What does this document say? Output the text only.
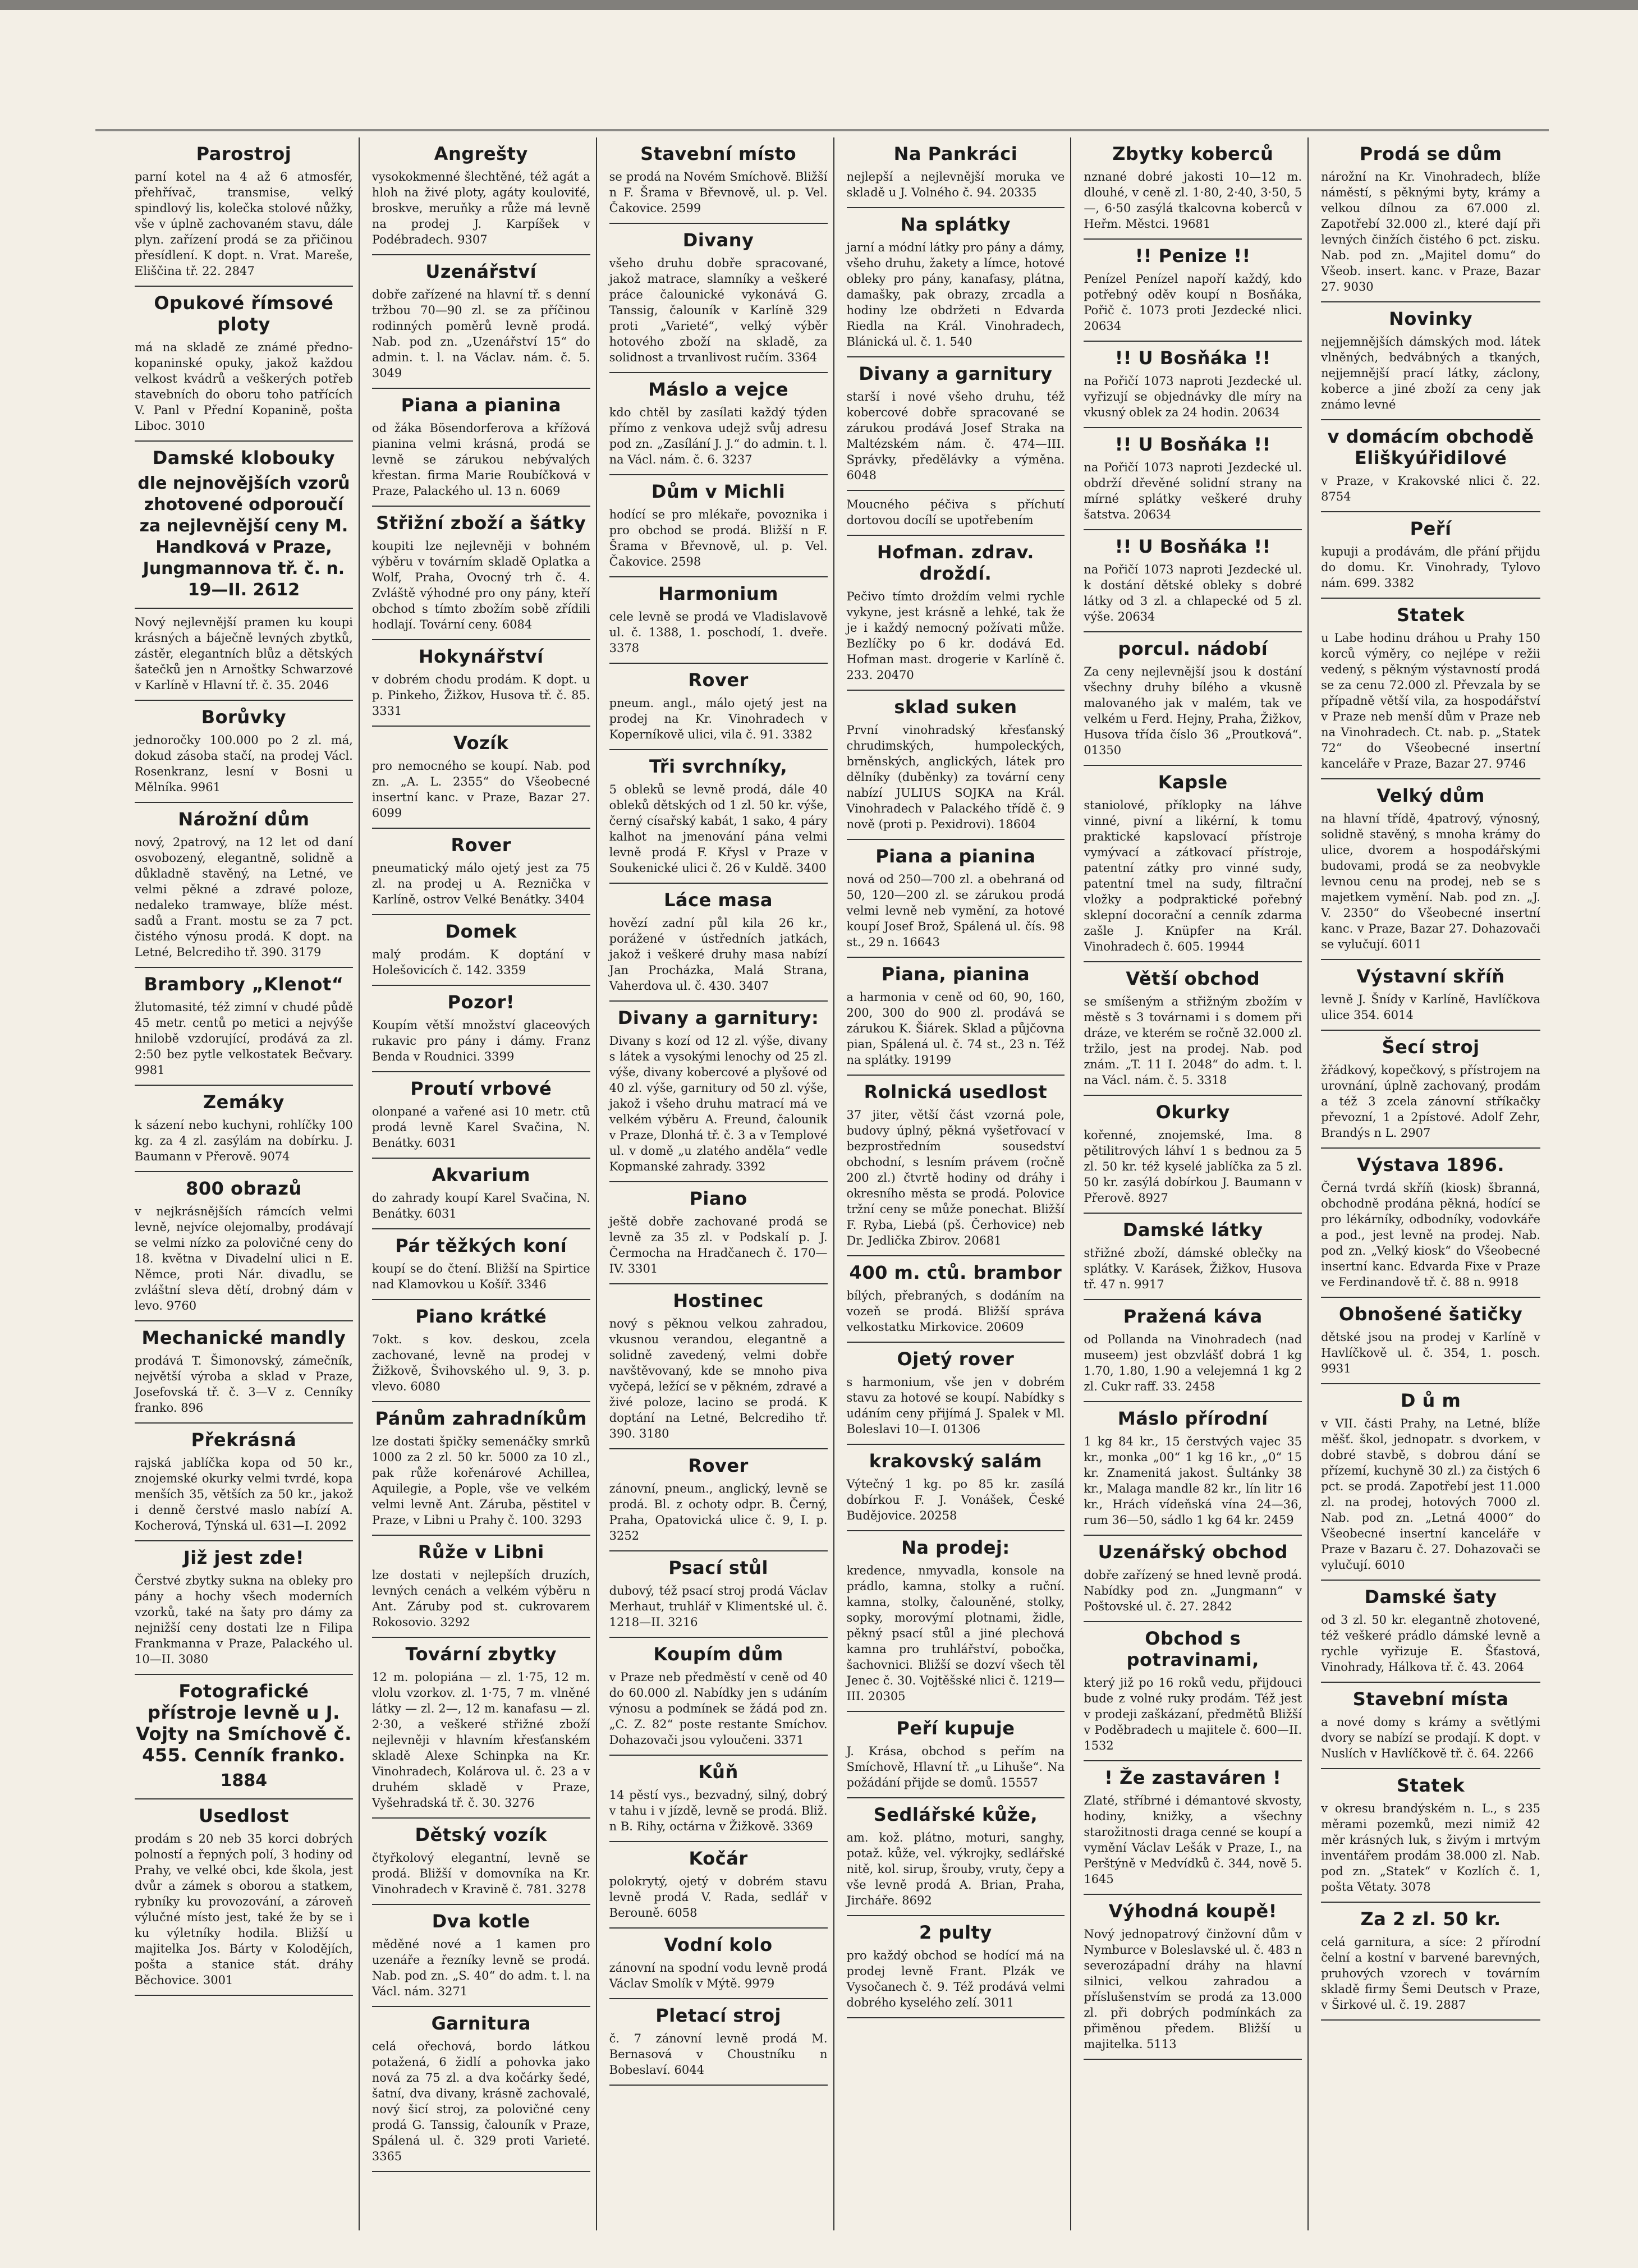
Parostroj

parní kotel na 4 až 6 atmosfér, přehřívač, transmise, velký spindlový lis, kolečka stolové nůžky, vše v úplně zachovaném stavu, dále plyn. zařízení prodá se za přičinou přesídlení. K dopt. n. Vrat. Mareše, Eliščina tř. 22. 2847

Opukové římsové ploty

má na skladě ze známé předno-kopaninské opuky, jakož každou velkost kvádrů a veškerých potřeb stavebních do oboru toho patřících V. Panl v Přední Kopanině, pošta Liboc. 3010

Damské klobouky

dle nejnovějších vzorů zhotovené odporoučí za nejlevnější ceny M. Handková v Praze, Jungmannova tř. č. n. 19—II. 2612

Nový nejlevnější pramen ku koupi krásných a báječně levných zbytků, zástěr, elegantních blůz a dětských šatečků jen n Arnoštky Schwarzové v Karlíně v Hlavní tř. č. 35. 2046

Borůvky

jednoročky 100.000 po 2 zl. má, dokud zásoba stačí, na prodej Václ. Rosenkranz, lesní v Bosni u Mělníka. 9961

Nárožní dům

nový, 2patrový, na 12 let od daní osvobozený, elegantně, solidně a důkladně stavěný, na Letné, ve velmi pěkné a zdravé poloze, nedaleko tramwaye, blíže mést. sadů a Frant. mostu se za 7 pct. čistého výnosu prodá. K dopt. na Letné, Belcrediho tř. 390. 3179

Brambory „Klenot“

žlutomasité, též zimní v chudé půdě 45 metr. centů po metici a nejvýše hnilobě vzdorující, prodává za zl. 2:50 bez pytle velkostatek Bečvary. 9981

Zemáky

k sázení nebo kuchyni, rohlíčky 100 kg. za 4 zl. zasýlám na dobírku. J. Baumann v Přerově. 9074

800 obrazů

v nejkrásnějších rámcích velmi levně, nejvíce olejomalby, prodávají se velmi nízko za polovičné ceny do 18. května v Divadelní ulici n E. Němce, proti Nár. divadlu, se zvláštní sleva dětí, drobný dám v levo. 9760

Mechanické mandly

prodává T. Šimonovský, zámečník, největší výroba a sklad v Praze, Josefovská tř. č. 3—V z. Cenníky franko. 896

Překrásná

rajská jablíčka kopa od 50 kr., znojemské okurky velmi tvrdé, kopa menších 35, větších za 50 kr., jakož i denně čerstvé maslo nabízí A. Kocherová, Týnská ul. 631—I. 2092

Již jest zde!

Čerstvé zbytky sukna na obleky pro pány a hochy všech moderních vzorků, také na šaty pro dámy za nejnižší ceny dostati lze n Filipa Frankmanna v Praze, Palackého ul. 10—II. 3080

Fotografické přístroje levně u J. Vojty na Smíchově č. 455. Cenník franko.

1884

Usedlost

prodám s 20 neb 35 korci dobrých polností a řepných polí, 3 hodiny od Prahy, ve velké obci, kde škola, jest dvůr a zámek s oborou a statkem, rybníky ku provozování, a zároveň výlučné místo jest, také že by se i ku výletníky hodila. Bližší u majitelka Jos. Bárty v Kolodějích, pošta a stanice stát. dráhy Běchovice. 3001

Angrešty

vysokokmenné šlechtěné, též agát a hloh na živé ploty, agáty kouloviťé, broskve, meruňky a růže má levně na prodej J. Karpíšek v Podébradech. 9307

Uzenářství

dobře zařízené na hlavní tř. s denní tržbou 70—90 zl. se za příčinou rodinných poměrů levně prodá. Nab. pod zn. „Uzenářství 15“ do admin. t. l. na Václav. nám. č. 5. 3049

Piana a pianina

od žáka Bösendorferova a křížová pianina velmi krásná, prodá se levně se zárukou nebývalých křestan. firma Marie Roubíčková v Praze, Palackého ul. 13 n. 6069

Střižní zboží a šátky

koupiti lze nejlevněji v bohném výběru v továrním skladě Oplatka a Wolf, Praha, Ovocný trh č. 4. Zvláště výhodné pro ony pány, kteří obchod s tímto zbožím sobě zřídili hodlají. Tovární ceny. 6084

Hokynářství

v dobrém chodu prodám. K dopt. u p. Pinkeho, Žižkov, Husova tř. č. 85. 3331

Vozík

pro nemocného se koupí. Nab. pod zn. „A. L. 2355“ do Všeobecné insertní kanc. v Praze, Bazar 27. 6099

Rover

pneumatický málo ojetý jest za 75 zl. na prodej u A. Reznička v Karlíně, ostrov Velké Benátky. 3404

Domek

malý prodám. K doptání v Holešovicích č. 142. 3359

Pozor!

Koupím větší množství glaceových rukavic pro pány i dámy. Franz Benda v Roudnici. 3399

Proutí vrbové

olonpané a vařené asi 10 metr. ctů prodá levně Karel Svačina, N. Benátky. 6031

Akvarium

do zahrady koupí Karel Svačina, N. Benátky. 6031

Pár těžkých koní

koupí se do čtení. Bližší na Spirtice nad Klamovkou u Košíř. 3346

Piano krátké

7okt. s kov. deskou, zcela zachované, levně na prodej v Žižkově, Švihovského ul. 9, 3. p. vlevo. 6080

Pánům zahradníkům

lze dostati špičky semenáčky smrků 1000 za 2 zl. 50 kr. 5000 za 10 zl., pak růže kořenárové Achillea, Aquilegie, a Pople, vše ve velkém velmi levně Ant. Záruba, pěstitel v Praze, v Libni u Prahy č. 100. 3293

Růže v Libni

lze dostati v nejlepších druzích, levných cenách a velkém výběru n Ant. Záruby pod st. cukrovarem Rokosovio. 3292

Tovární zbytky

12 m. polopiána — zl. 1·75, 12 m. vlolu vzorkov. zl. 1·75, 7 m. vlněné látky — zl. 2—, 12 m. kanafasu — zl. 2·30, a veškeré střižné zboží nejlevněji v hlavním křesťanském skladě Alexe Schinpka na Kr. Vinohradech, Kolárova ul. č. 23 a v druhém skladě v Praze, Vyšehradská tř. č. 30. 3276

Dětský vozík

čtyřkolový elegantní, levně se prodá. Bližší v domovníka na Kr. Vinohradech v Kravině č. 781. 3278

Dva kotle

měděné nové a 1 kamen pro uzenáře a řezníky levně se prodá. Nab. pod zn. „S. 40“ do adm. t. l. na Václ. nám. 3271

Garnitura

celá ořechová, bordo látkou potažená, 6 židlí a pohovka jako nová za 75 zl. a dva kočárky šedé, šatní, dva divany, krásně zachovalé, nový šicí stroj, za polovičné ceny prodá G. Tanssig, čalouník v Praze, Spálená ul. č. 329 proti Varieté. 3365

Stavební místo

se prodá na Novém Smíchově. Bližší n F. Šrama v Břevnově, ul. p. Vel. Čakovice. 2599

Divany

všeho druhu dobře spracované, jakož matrace, slamníky a veškeré práce čalounické vykonává G. Tanssig, čalouník v Karlíně 329 proti „Varieté“, velký výběr hotového zboží na skladě, za solidnost a trvanlivost ručím. 3364

Máslo a vejce

kdo chtěl by zasílati každý týden přímo z venkova udejž svůj adresu pod zn. „Zasílání J. J.“ do admin. t. l. na Václ. nám. č. 6. 3237

Dům v Michli

hodící se pro mlékaře, povoznika i pro obchod se prodá. Bližší n F. Šrama v Břevnově, ul. p. Vel. Čakovice. 2598

Harmonium

cele levně se prodá ve Vladislavově ul. č. 1388, 1. poschodí, 1. dveře. 3378

Rover

pneum. angl., málo ojetý jest na prodej na Kr. Vinohradech v Koperníkově ulici, vila č. 91. 3382

Tři svrchníky,

5 obleků se levně prodá, dále 40 obleků dětských od 1 zl. 50 kr. výše, černý císařský kabát, 1 sako, 4 páry kalhot na jmenování pána velmi levně prodá F. Křysl v Praze v Soukenické ulici č. 26 v Kuldě. 3400

Láce masa

hovězí zadní půl kila 26 kr., porážené v ústředních jatkách, jakož i veškeré druhy masa nabízí Jan Procházka, Malá Strana, Vaherdova ul. č. 430. 3407

Divany a garnitury:

Divany s kozí od 12 zl. výše, divany s látek a vysokými lenochy od 25 zl. výše, divany kobercové a plyšové od 40 zl. výše, garnitury od 50 zl. výše, jakož i všeho druhu matrací má ve velkém výběru A. Freund, čalounik v Praze, Dlonhá tř. č. 3 a v Templové ul. v domě „u zlatého anděla“ vedle Kopmanské zahrady. 3392

Piano

ještě dobře zachované prodá se levně za 35 zl. v Podskalí p. J. Čermocha na Hradčanech č. 170—IV. 3301

Hostinec

nový s pěknou velkou zahradou, vkusnou verandou, elegantně a solidně zavedený, velmi dobře navštěvovaný, kde se mnoho piva vyčepá, ležící se v pěkném, zdravé a živé poloze, lacino se prodá. K doptání na Letné, Belcrediho tř. 390. 3180

Rover

zánovní, pneum., anglický, levně se prodá. Bl. z ochoty odpr. B. Černý, Praha, Opatovická ulice č. 9, I. p. 3252

Psací stůl

dubový, též psací stroj prodá Václav Merhaut, truhlář v Klimentské ul. č. 1218—II. 3216

Koupím dům

v Praze neb předměstí v ceně od 40 do 60.000 zl. Nabídky jen s udáním výnosu a podmínek se žádá pod zn. „C. Z. 82“ poste restante Smíchov. Dohazovači jsou vyloučeni. 3371

Kůň

14 pěstí vys., bezvadný, silný, dobrý v tahu i v jízdě, levně se prodá. Bliž. n B. Rihy, octárna v Žižkově. 3369

Kočár

polokrytý, ojetý v dobrém stavu levně prodá V. Rada, sedlář v Berouně. 6058

Vodní kolo

zánovní na spodní vodu levně prodá Václav Smolík v Mýtě. 9979

Pletací stroj

č. 7 zánovní levně prodá M. Bernasová v Choustníku n Bobeslaví. 6044

Na Pankráci

nejlepší a nejlevnější moruka ve skladě u J. Volného č. 94. 20335

Na splátky

jarní a módní látky pro pány a dámy, všeho druhu, žakety a límce, hotové obleky pro pány, kanafasy, plátna, damašky, pak obrazy, zrcadla a hodiny lze obdržeti n Edvarda Riedla na Král. Vinohradech, Blánická ul. č. 1. 540

Divany a garnitury

starší i nové všeho druhu, též kobercové dobře spracované se zárukou prodává Josef Straka na Maltézském nám. č. 474—III. Správky, předělávky a výměna. 6048

Moucného péčiva s příchutí dortovou docílí se upotřebením

Hofman. zdrav. droždí.

Pečivo tímto droždím velmi rychle vykyne, jest krásně a lehké, tak že je i každý nemocný požívati může. Bezlíčky po 6 kr. dodává Ed. Hofman mast. drogerie v Karlíně č. 233. 20470

sklad suken

První vinohradský křesťanský chrudimských, humpoleckých, brněnských, anglických, látek pro dělníky (duběnky) za tovární ceny nabízí JULIUS SOJKA na Král. Vinohradech v Palackého třídě č. 9 nově (proti p. Pexidrovi). 18604

Piana a pianina

nová od 250—700 zl. a obehraná od 50, 120—200 zl. se zárukou prodá velmi levně neb vymění, za hotové koupí Josef Brož, Spálená ul. čís. 98 st., 29 n. 16643

Piana, pianina

a harmonia v ceně od 60, 90, 160, 200, 300 do 900 zl. prodává se zárukou K. Šiárek. Sklad a půjčovna pian, Spálená ul. č. 74 st., 23 n. Též na splátky. 19199

Rolnická usedlost

37 jiter, větší část vzorná pole, budovy úplný, pěkná vyšetřovací v bezprostředním sousedství obchodní, s lesním právem (ročně 200 zl.) čtvrtě hodiny od dráhy i okresního města se prodá. Polovice tržní ceny se může ponechat. Bližší F. Ryba, Liebá (pš. Čerhovice) neb Dr. Jedlička Zbirov. 20681

400 m. ctů. brambor

bílých, přebraných, s dodáním na vozeň se prodá. Bližší správa velkostatku Mirkovice. 20609

Ojetý rover

s harmonium, vše jen v dobrém stavu za hotové se koupí. Nabídky s udáním ceny přijímá J. Spalek v Ml. Boleslavi 10—I. 01306

krakovský salám

Výtečný 1 kg. po 85 kr. zasílá dobírkou F. J. Vonášek, České Budějovice. 20258

Na prodej:

kredence, nmyvadla, konsole na prádlo, kamna, stolky a ruční. kamna, stolky, čalouněné, stolky, sopky, morovýmí plotnami, židle, pěkný psací stůl a jiné plechová kamna pro truhlářství, pobočka, šachovnici. Bližší se dozví všech těl Jenec č. 30. Vojtěšské nlici č. 1219—III. 20305

Peří kupuje

J. Krása, obchod s peřím na Smíchově, Hlavní tř. „u Lihuše“. Na požádání přijde se domů. 15557

Sedlářské kůže,

am. kož. plátno, moturi, sanghy, potaž. kůže, vel. výkrojky, sedlářské nitě, kol. sirup, šrouby, vruty, čepy a vše levně prodá A. Brian, Praha, Jircháře. 8692

2 pulty

pro každý obchod se hodící má na prodej levně Frant. Plzák ve Vysočanech č. 9. Též prodává velmi dobrého kyselého zelí. 3011

Zbytky koberců

nznané dobré jakosti 10—12 m. dlouhé, v ceně zl. 1·80, 2·40, 3·50, 5—, 6·50 zasýlá tkalcovna koberců v Heřm. Městci. 19681

!! Penize !!

Penízel Penízel napoří každý, kdo potřebný oděv koupí n Bosňáka, Pořič č. 1073 proti Jezdecké nlici. 20634

!! U Bosňáka !!

na Pořičí 1073 naproti Jezdecké ul. vyřizují se objednávky dle míry na vkusný oblek za 24 hodin. 20634

!! U Bosňáka !!

na Pořičí 1073 naproti Jezdecké ul. obdrží dřevěné solidní strany na mírné splátky veškeré druhy šatstva. 20634

!! U Bosňáka !!

na Pořičí 1073 naproti Jezdecké ul. k dostání dětské obleky s dobré látky od 3 zl. a chlapecké od 5 zl. výše. 20634

porcul. nádobí

Za ceny nejlevnější jsou k dostání všechny druhy bílého a vkusně malovaného jak v malém, tak ve velkém u Ferd. Hejny, Praha, Žižkov, Husova třída číslo 36 „Proutková“. 01350

Kapsle

staniolové, příklopky na láhve vinné, pivní a likérní, k tomu praktické kapslovací přístroje vymývací a zátkovací přístroje, patentní zátky pro vinné sudy, patentní tmel na sudy, filtrační vložky a podpraktické pořebný sklepní docorační a cenník zdarma zašle J. Knüpfer na Král. Vinohradech č. 605. 19944

Větší obchod

se smíšeným a střižným zbožím v městě s 3 továrnami i s domem při dráze, ve kterém se ročně 32.000 zl. tržilo, jest na prodej. Nab. pod znám. „T. 11 I. 2048“ do adm. t. l. na Václ. nám. č. 5. 3318

Okurky

kořenné, znojemské, Ima. 8 pětilitrových láhví 1 s bednou za 5 zl. 50 kr. též kyselé jablíčka za 5 zl. 50 kr. zasýlá dobírkou J. Baumann v Přerově. 8927

Damské látky

střižné zboží, dámské oblečky na splátky. V. Karásek, Žižkov, Husova tř. 47 n. 9917

Pražená káva

od Pollanda na Vinohradech (nad museem) jest obzvlášť dobrá 1 kg 1.70, 1.80, 1.90 a velejemná 1 kg 2 zl. Cukr raff. 33. 2458

Máslo přírodní

1 kg 84 kr., 15 čerstvých vajec 35 kr., monka „00“ 1 kg 16 kr., „0“ 15 kr. Znamenitá jakost. Šultánky 38 kr., Malaga mandle 82 kr., lín litr 16 kr., Hrách vídeňská vína 24—36, rum 36—50, sádlo 1 kg 64 kr. 2459

Uzenářský obchod

dobře zařízený se hned levně prodá. Nabídky pod zn. „Jungmann“ v Poštovské ul. č. 27. 2842

Obchod s potravinami,

který již po 16 roků vedu, přijdouci bude z volné ruky prodám. Též jest v prodeji zaškázaní, předmětů Bližší v Poděbradech u majitele č. 600—II. 1532

! Že zastaváren !

Zlaté, stříbrné i démantové skvosty, hodiny, knižky, a všechny starožitnosti draga cenné se koupí a vymění Václav Lešák v Praze, I., na Perštýně v Medvídků č. 344, nově 5. 1645

Výhodná koupě!

Nový jednopatrový činžovní dům v Nymburce v Boleslavské ul. č. 483 n severozápadní dráhy na hlavní silnici, velkou zahradou a příslušenstvím se prodá za 13.000 zl. při dobrých podmínkách za přiměnou předem. Bližší u majitelka. 5113

Prodá se dům

nárožní na Kr. Vinohradech, blíže náměstí, s pěknými byty, krámy a velkou dílnou za 67.000 zl. Zapotřebí 32.000 zl., které dají při levných činžích čistého 6 pct. zisku. Nab. pod zn. „Majitel domu“ do Všeob. insert. kanc. v Praze, Bazar 27. 9030

Novinky

nejjemnějších dámských mod. látek vlněných, bedvábných a tkaných, nejjemnější prací látky, záclony, koberce a jiné zboží za ceny jak známo levné

v domácím obchodě Eliškyúřidilové

v Praze, v Krakovské nlici č. 22. 8754

Peří

kupuji a prodávám, dle přání přijdu do domu. Kr. Vinohrady, Tylovo nám. 699. 3382

Statek

u Labe hodinu dráhou u Prahy 150 korců výměry, co nejlépe v režii vedený, s pěkným výstavností prodá se za cenu 72.000 zl. Převzala by se případně větší vila, za hospodářství v Praze neb menší dům v Praze neb na Vinohradech. Ct. nab. p. „Statek 72“ do Všeobecné insertní kanceláře v Praze, Bazar 27. 9746

Velký dům

na hlavní třídě, 4patrový, výnosný, solidně stavěný, s mnoha krámy do ulice, dvorem a hospodářskými budovami, prodá se za neobvykle levnou cenu na prodej, neb se s majetkem vymění. Nab. pod zn. „J. V. 2350“ do Všeobecné insertní kanc. v Praze, Bazar 27. Dohazovači se vylučují. 6011

Výstavní skříň

levně J. Šnídy v Karlíně, Havlíčkova ulice 354. 6014

Šecí stroj

žřádkový, kopečkový, s přístrojem na urovnání, úplně zachovaný, prodám a též 3 zcela zánovní stříkačky převozní, 1 a 2pístové. Adolf Zehr, Brandýs n L. 2907

Výstava 1896.

Černá tvrdá skříň (kiosk) šbranná, obchodně prodána pěkná, hodící se pro lékárníky, odbodníky, vodovkáře a pod., jest levně na prodej. Nab. pod zn. „Velký kiosk“ do Všeobecné insertní kanc. Edvarda Fixe v Praze ve Ferdinandově tř. č. 88 n. 9918

Obnošené šatičky

dětské jsou na prodej v Karlíně v Havlíčkově ul. č. 354, 1. posch. 9931

D ů m

v VII. části Prahy, na Letné, blíže měšť. škol, jednopatr. s dvorkem, v dobré stavbě, s dobrou dání se přízemí, kuchyně 30 zl.) za čistých 6 pct. se prodá. Zapotřebí jest 11.000 zl. na prodej, hotových 7000 zl. Nab. pod zn. „Letná 4000“ do Všeobecné insertní kanceláře v Praze v Bazaru č. 27. Dohazovači se vylučují. 6010

Damské šaty

od 3 zl. 50 kr. elegantně zhotovené, též veškeré prádlo dámské levně a rychle vyřizuje E. Šťastová, Vinohrady, Hálkova tř. č. 43. 2064

Stavební místa

a nové domy s krámy a světlými dvory se nabízí se prodají. K dopt. v Nuslích v Havlíčkově tř. č. 64. 2266

Statek

v okresu brandýském n. L., s 235 měrami pozemků, mezi nimiž 42 měr krásných luk, s živým i mrtvým inventářem prodám 38.000 zl. Nab. pod zn. „Statek“ v Kozlích č. 1, pošta Větaty. 3078

Za 2 zl. 50 kr.

celá garnitura, a síce: 2 přírodní čelní a kostní v barvené barevných, pruhových vzorech v továrním skladě firmy Šemi Deutsch v Praze, v Širkové ul. č. 19. 2887
